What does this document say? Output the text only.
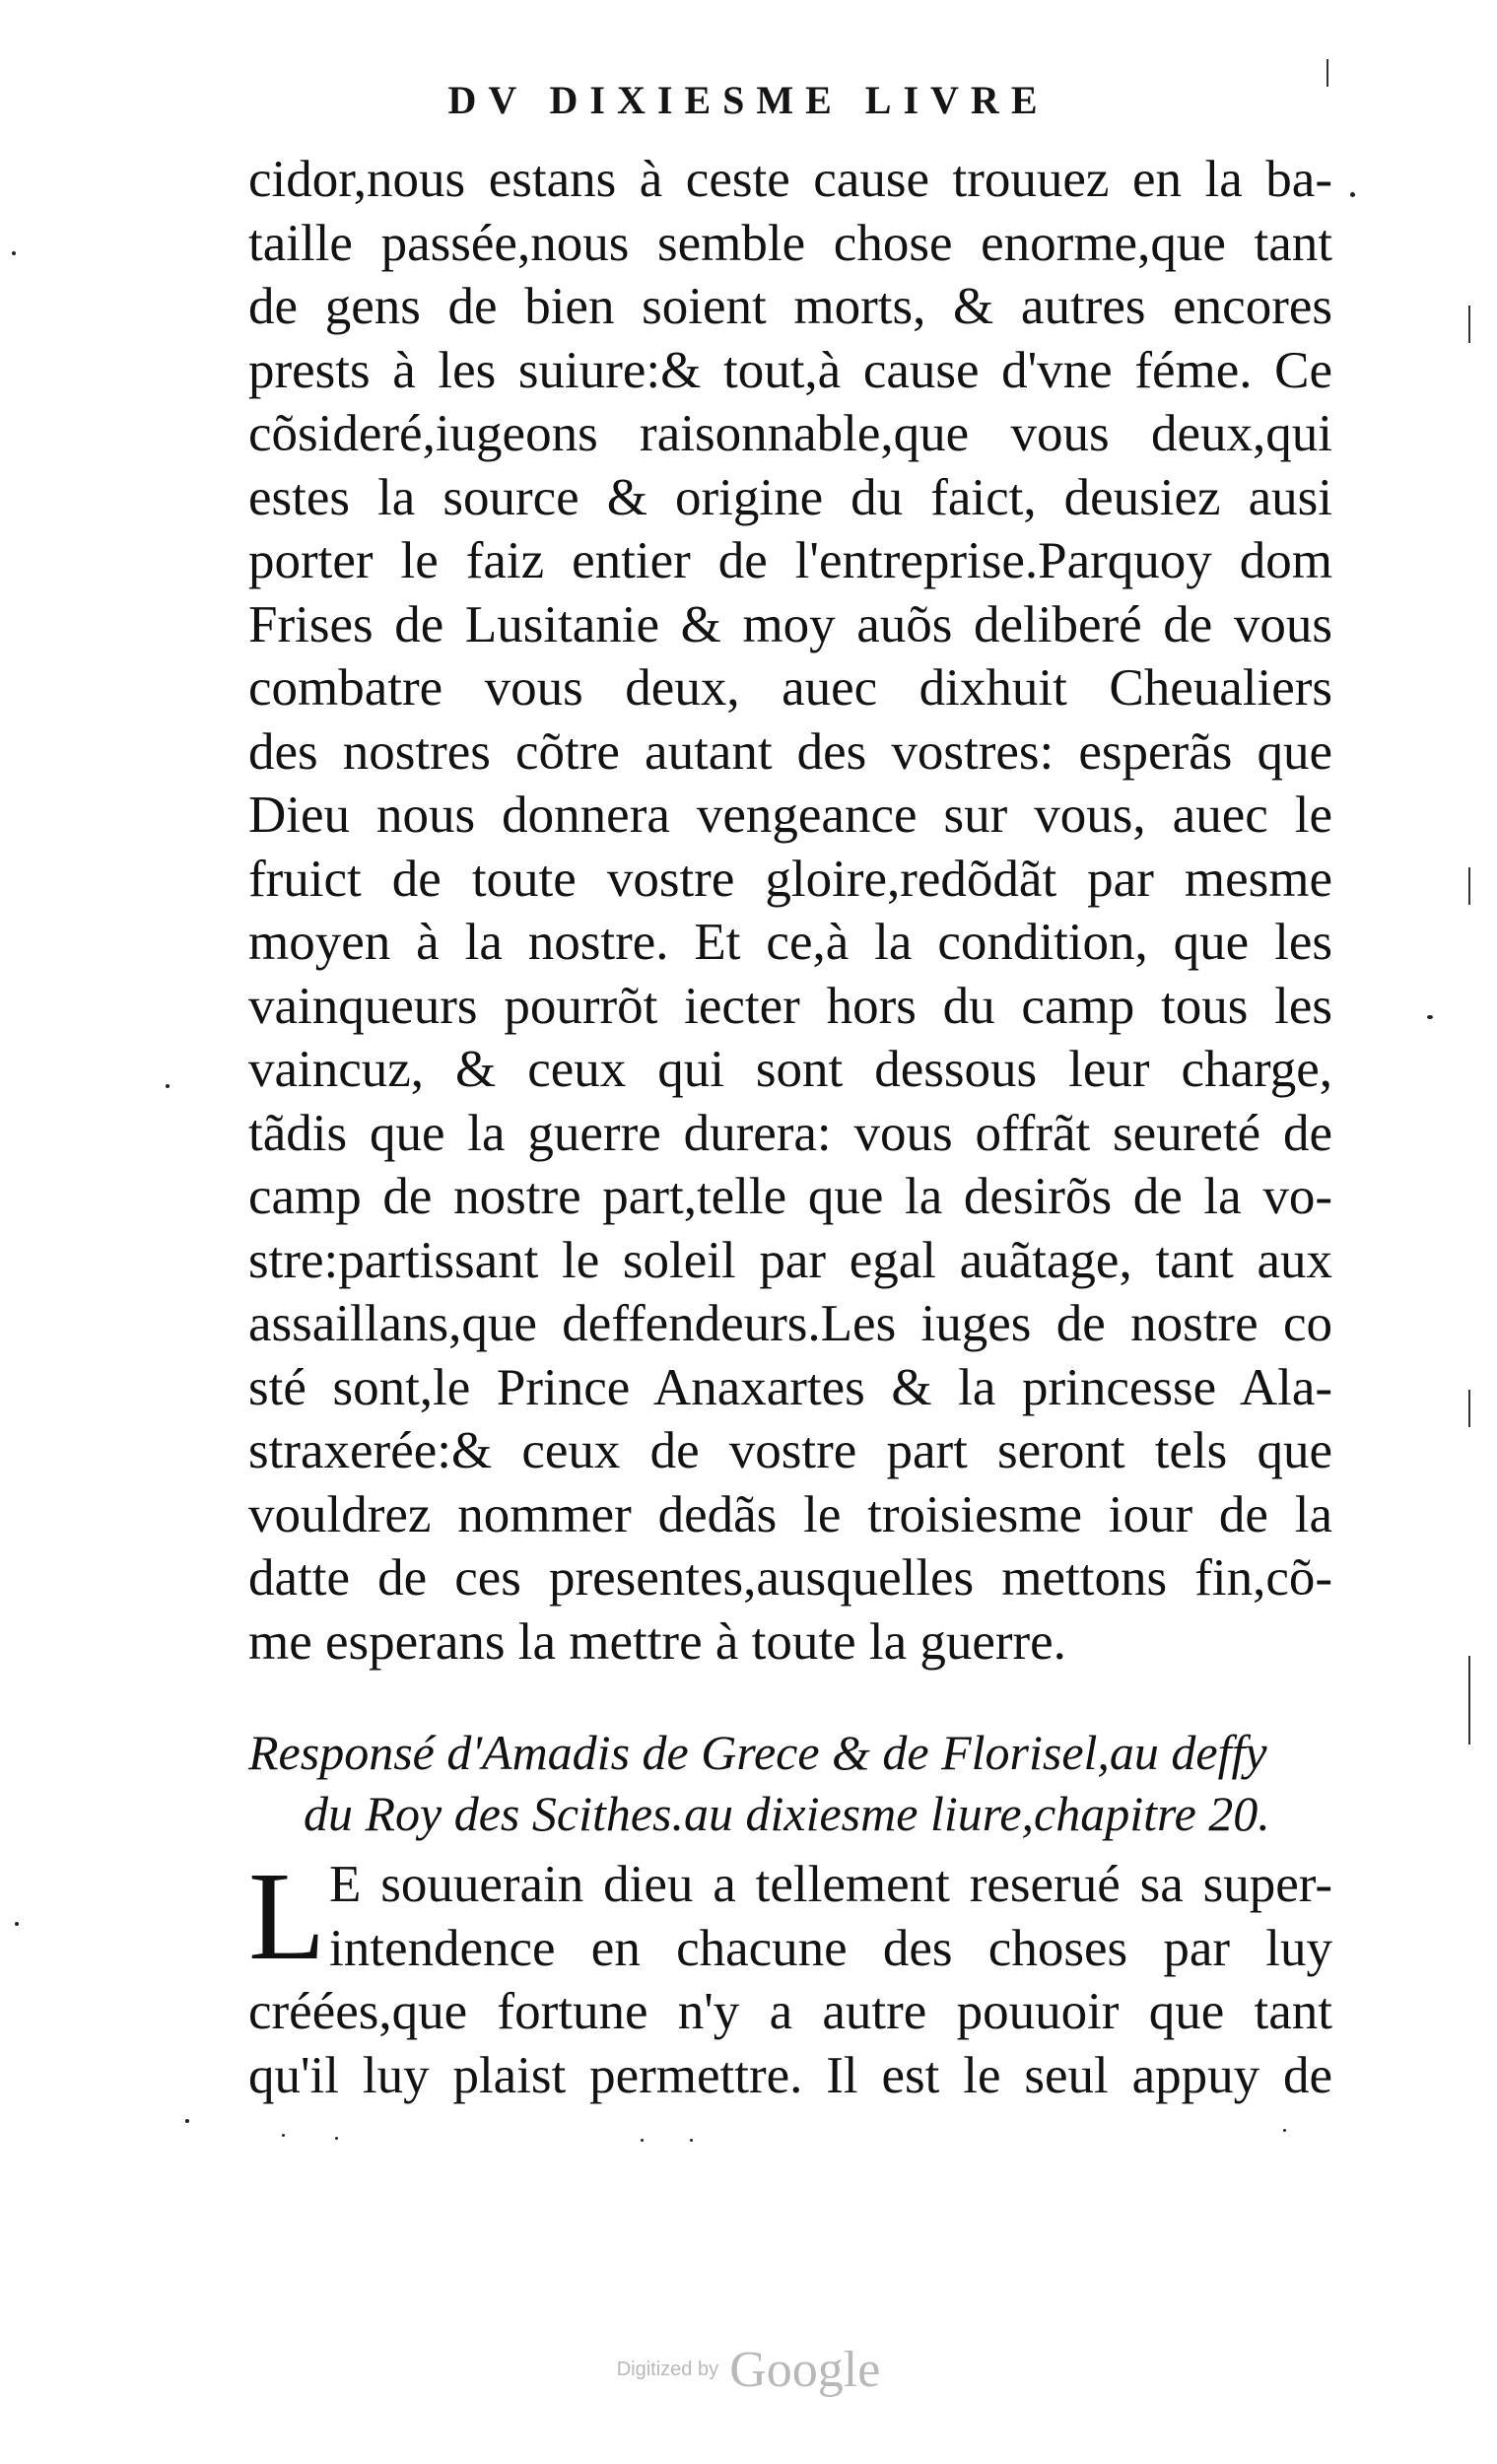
DV DIXIESME LIVRE
cidor,nous estans à ceste cause trouuez en la ba-
taille passée,nous semble chose enorme,que tant
de gens de bien soient morts, & autres encores
prests à les suiure:& tout,à cause d'vne féme. Ce
cõsideré,iugeons raisonnable,que vous deux,qui
estes la source & origine du faict, deusiez ausi
porter le faiz entier de l'entreprise.Parquoy dom
Frises de Lusitanie & moy auõs deliberé de vous
combatre vous deux, auec dixhuit Cheualiers
des nostres cõtre autant des vostres: esperãs que
Dieu nous donnera vengeance sur vous, auec le
fruict de toute vostre gloire,redõdãt par mesme
moyen à la nostre. Et ce,à la condition, que les
vainqueurs pourrõt iecter hors du camp tous les
vaincuz, & ceux qui sont dessous leur charge,
tãdis que la guerre durera: vous offrãt seureté de
camp de nostre part,telle que la desirõs de la vo-
stre:partissant le soleil par egal auãtage, tant aux
assaillans,que deffendeurs.Les iuges de nostre co
sté sont,le Prince Anaxartes & la princesse Ala-
straxerée:& ceux de vostre part seront tels que
vouldrez nommer dedãs le troisiesme iour de la
datte de ces presentes,ausquelles mettons fin,cõ-
me esperans la mettre à toute la guerre.
Responsé d'Amadis de Grece & de Florisel,au deffy
du Roy des Scithes.au dixiesme liure,chapitre 20.
L E souuerain dieu a tellement reserué sa super-
intendence en chacune des choses par luy
créées,que fortune n'y a autre pouuoir que tant
qu'il luy plaist permettre. Il est le seul appuy de
Digitized by Google
